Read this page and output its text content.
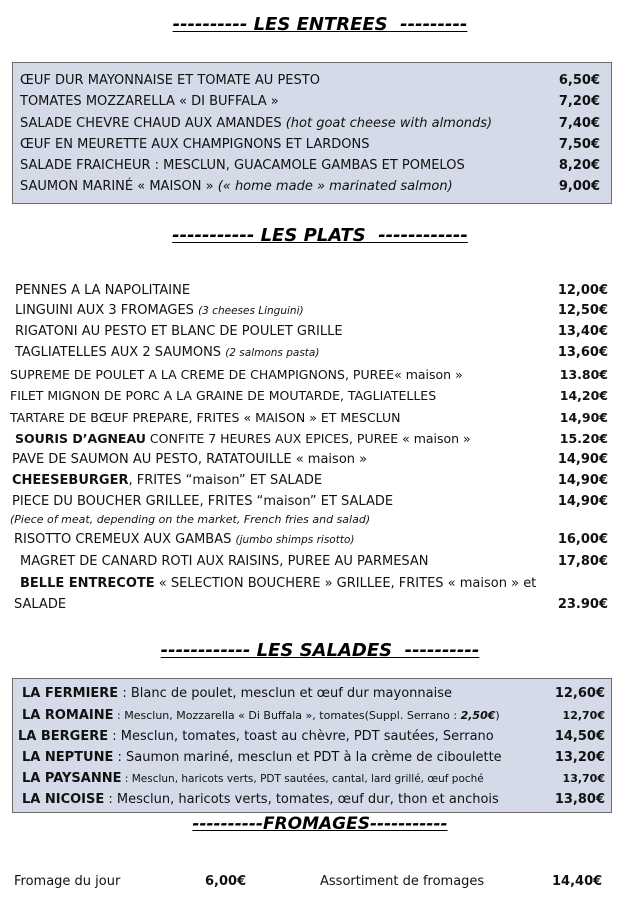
---------- LES ENTREES  ---------
ŒUF DUR MAYONNAISE ET TOMATE AU PESTO	6,50€
TOMATES MOZZARELLA « DI BUFFALA »	7,20€
SALADE CHEVRE CHAUD AUX AMANDES (hot goat cheese with almonds)	7,40€
ŒUF EN MEURETTE AUX CHAMPIGNONS ET LARDONS	7,50€
SALADE FRAICHEUR : MESCLUN, GUACAMOLE GAMBAS ET POMELOS	8,20€
SAUMON MARINÉ « MAISON » (« home made » marinated salmon)	9,00€
----------- LES PLATS  ------------
PENNES A LA NAPOLITAINE	12,00€
LINGUINI AUX 3 FROMAGES (3 cheeses Linguini)	12,50€
RIGATONI AU PESTO ET BLANC DE POULET GRILLE	13,40€
TAGLIATELLES AUX 2 SAUMONS (2 salmons pasta)	13,60€
SUPREME DE POULET A LA CREME DE CHAMPIGNONS, PUREE« maison »	13.80€
FILET MIGNON DE PORC A LA GRAINE DE MOUTARDE, TAGLIATELLES	14,20€
TARTARE DE BŒUF PREPARE, FRITES « MAISON » ET MESCLUN	14,90€
SOURIS D’AGNEAU CONFITE 7 HEURES AUX EPICES, PUREE « maison »	15.20€
PAVE DE SAUMON AU PESTO, RATATOUILLE « maison »	14,90€
CHEESEBURGER, FRITES “maison” ET SALADE	14,90€
PIECE DU BOUCHER GRILLEE, FRITES “maison” ET SALADE	14,90€
(Piece of meat, depending on the market, French fries and salad)
RISOTTO CREMEUX AUX GAMBAS (jumbo shimps risotto)	16,00€
MAGRET DE CANARD ROTI AUX RAISINS, PUREE AU PARMESAN	17,80€
BELLE ENTRECOTE « SELECTION BOUCHERE » GRILLEE, FRITES « maison » et
SALADE	23.90€
------------ LES SALADES  ----------
LA FERMIERE : Blanc de poulet, mesclun et œuf dur mayonnaise	12,60€
LA ROMAINE : Mesclun, Mozzarella « Di Buffala », tomates(Suppl. Serrano : 2,50€)	12,70€
LA BERGERE : Mesclun, tomates, toast au chèvre, PDT sautées, Serrano	14,50€
LA NEPTUNE : Saumon mariné, mesclun et PDT à la crème de ciboulette	13,20€
LA PAYSANNE : Mesclun, haricots verts, PDT sautées, cantal, lard grillé, œuf poché	13,70€
LA NICOISE : Mesclun, haricots verts, tomates, œuf dur, thon et anchois	13,80€
----------FROMAGES-----------
Fromage du jour	6,00€	Assortiment de fromages	14,40€
